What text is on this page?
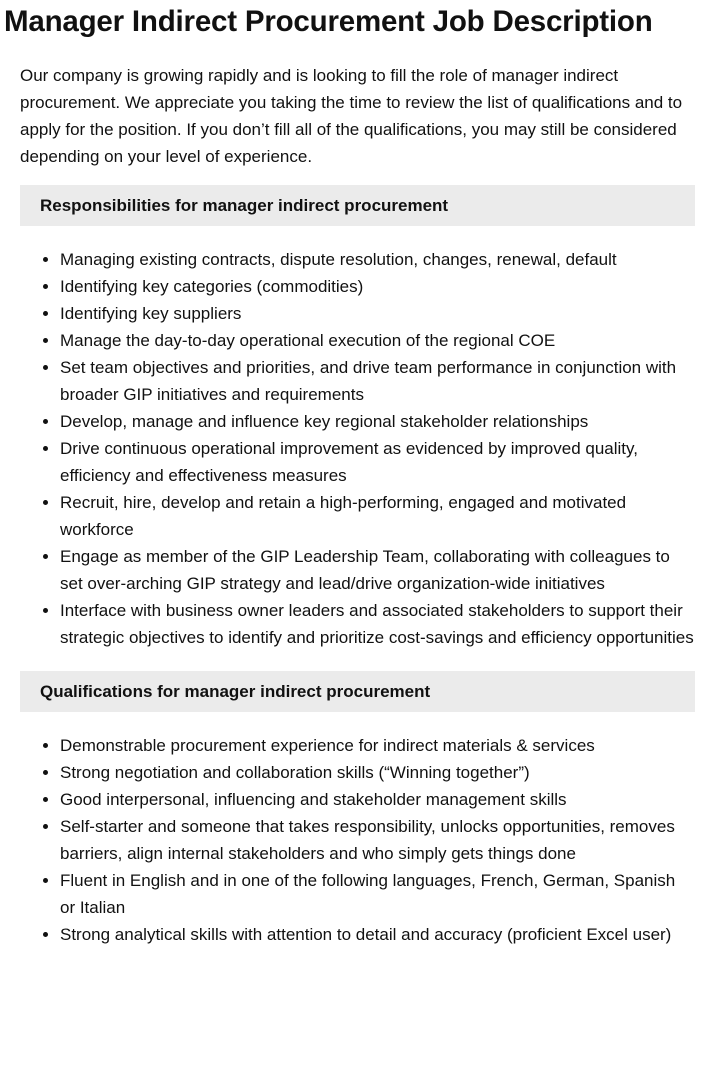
Manager Indirect Procurement Job Description

Our company is growing rapidly and is looking to fill the role of manager indirect procurement. We appreciate you taking the time to review the list of qualifications and to apply for the position. If you don’t fill all of the qualifications, you may still be considered depending on your level of experience.

Responsibilities for manager indirect procurement
• Managing existing contracts, dispute resolution, changes, renewal, default
• Identifying key categories (commodities)
• Identifying key suppliers
• Manage the day-to-day operational execution of the regional COE
• Set team objectives and priorities, and drive team performance in conjunction with broader GIP initiatives and requirements
• Develop, manage and influence key regional stakeholder relationships
• Drive continuous operational improvement as evidenced by improved quality, efficiency and effectiveness measures
• Recruit, hire, develop and retain a high-performing, engaged and motivated workforce
• Engage as member of the GIP Leadership Team, collaborating with colleagues to set over-arching GIP strategy and lead/drive organization-wide initiatives
• Interface with business owner leaders and associated stakeholders to support their strategic objectives to identify and prioritize cost-savings and efficiency opportunities
Qualifications for manager indirect procurement
• Demonstrable procurement experience for indirect materials & services
• Strong negotiation and collaboration skills (“Winning together”)
• Good interpersonal, influencing and stakeholder management skills
• Self-starter and someone that takes responsibility, unlocks opportunities, removes barriers, align internal stakeholders and who simply gets things done
• Fluent in English and in one of the following languages, French, German, Spanish or Italian
• Strong analytical skills with attention to detail and accuracy (proficient Excel user)
